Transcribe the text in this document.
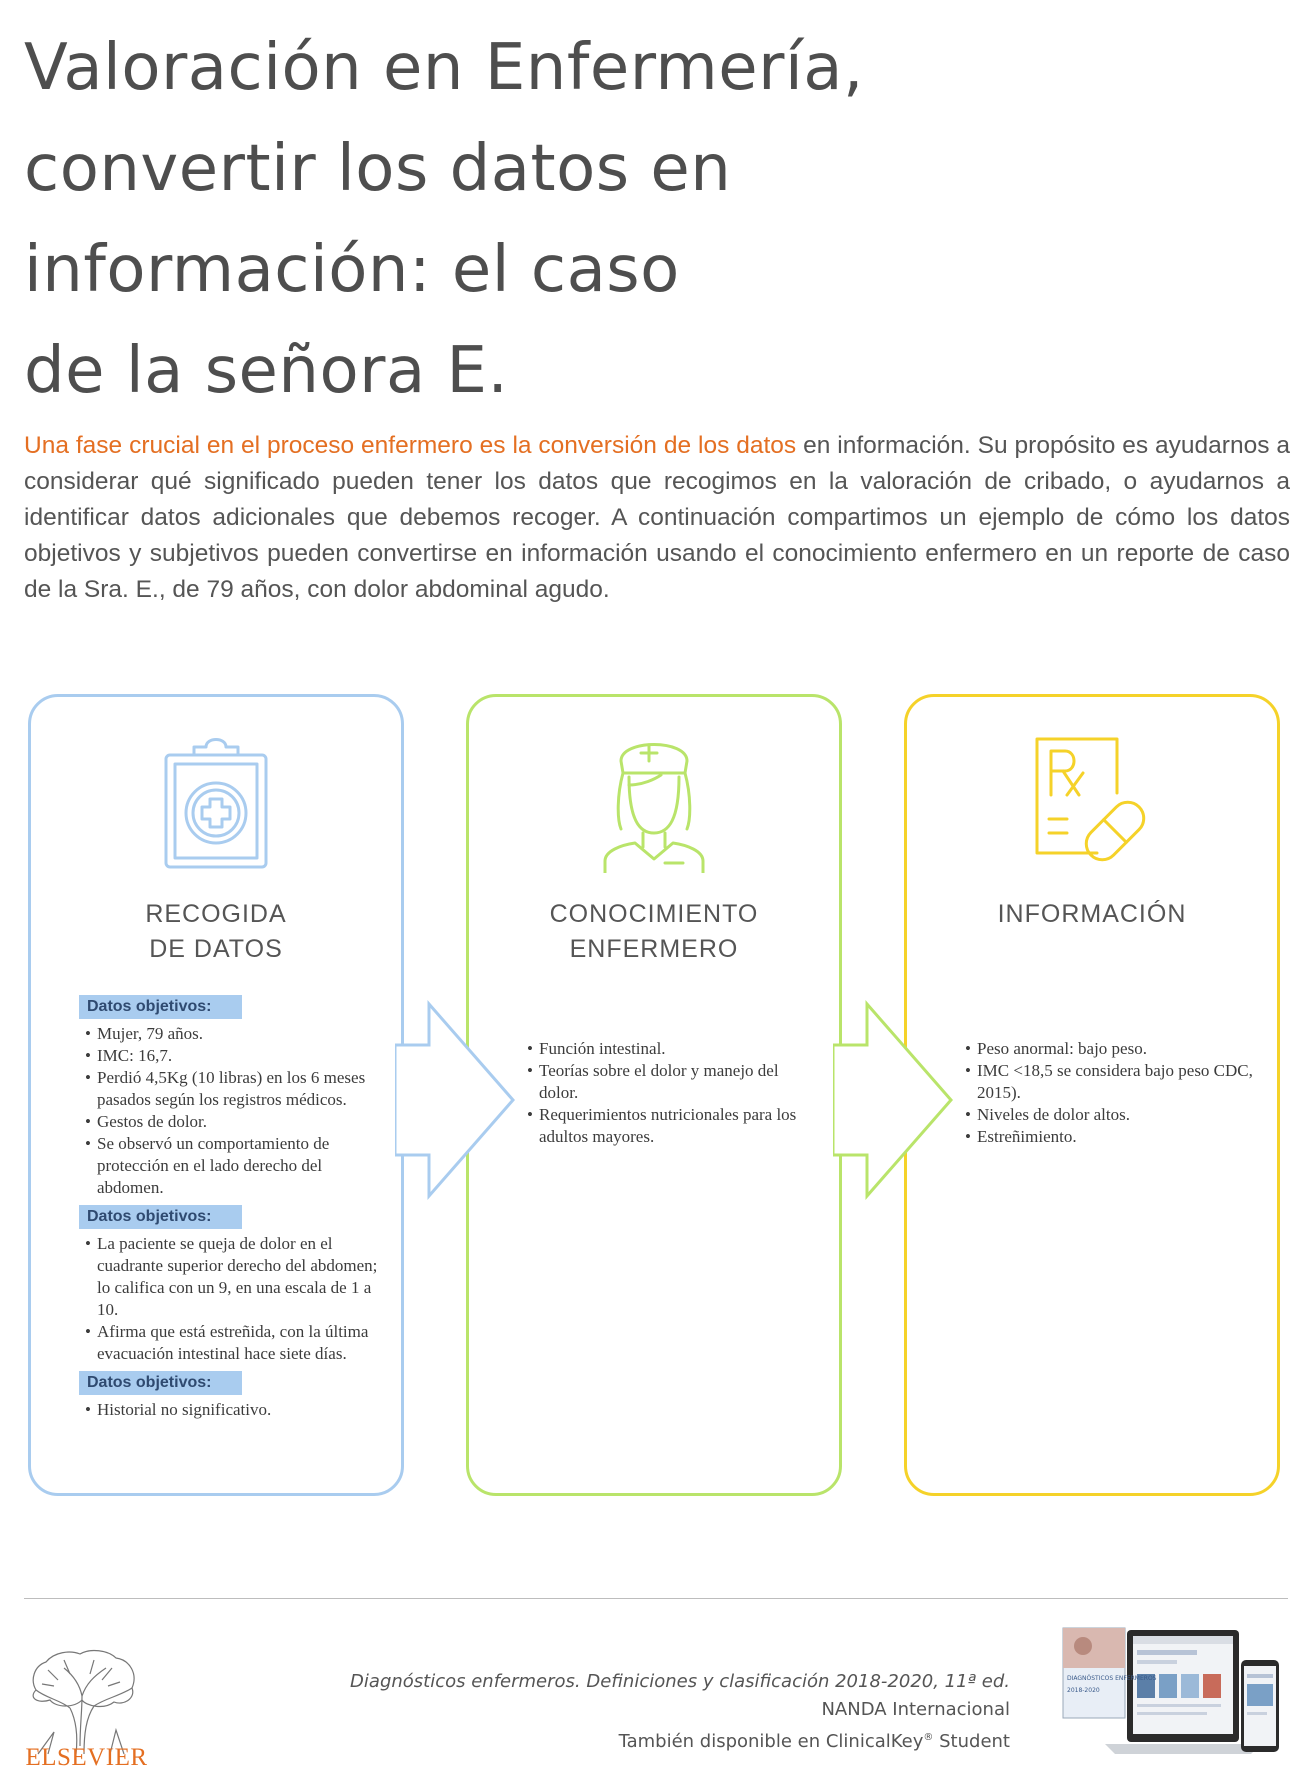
Valoración en Enfermería,
convertir los datos en
información: el caso
de la señora E.
Una fase crucial en el proceso enfermero es la conversión de los datos en información. Su propósito es ayudarnos a considerar qué significado pueden tener los datos que recogimos en la valoración de cribado, o ayudarnos a identificar datos adicionales que debemos recoger. A continuación compartimos un ejemplo de cómo los datos objetivos y subjetivos pueden convertirse en información usando el conocimiento enfermero en un reporte de caso de la Sra. E., de 79 años, con dolor abdominal agudo.
RECOGIDA
DE DATOS
Datos objetivos:
• Mujer, 79 años.
• IMC: 16,7.
• Perdió 4,5Kg (10 libras) en los 6 meses pasados según los registros médicos.
• Gestos de dolor.
• Se observó un comportamiento de protección en el lado derecho del abdomen.
Datos objetivos:
• La paciente se queja de dolor en el cuadrante superior derecho del abdomen; lo califica con un 9, en una escala de 1 a 10.
• Afirma que está estreñida, con la última evacuación intestinal hace siete días.
Datos objetivos:
• Historial no significativo.
CONOCIMIENTO
ENFERMERO
• Función intestinal.
• Teorías sobre el dolor y manejo del dolor.
• Requerimientos nutricionales para los adultos mayores.
INFORMACIÓN
• Peso anormal: bajo peso.
• IMC <18,5 se considera bajo peso CDC, 2015).
• Niveles de dolor altos.
• Estreñimiento.
ELSEVIER
Diagnósticos enfermeros. Definiciones y clasificación 2018-2020, 11ª ed.
NANDA Internacional
También disponible en ClinicalKey® Student
DIAGNÓSTICOS ENFERMEROS
2018-2020
